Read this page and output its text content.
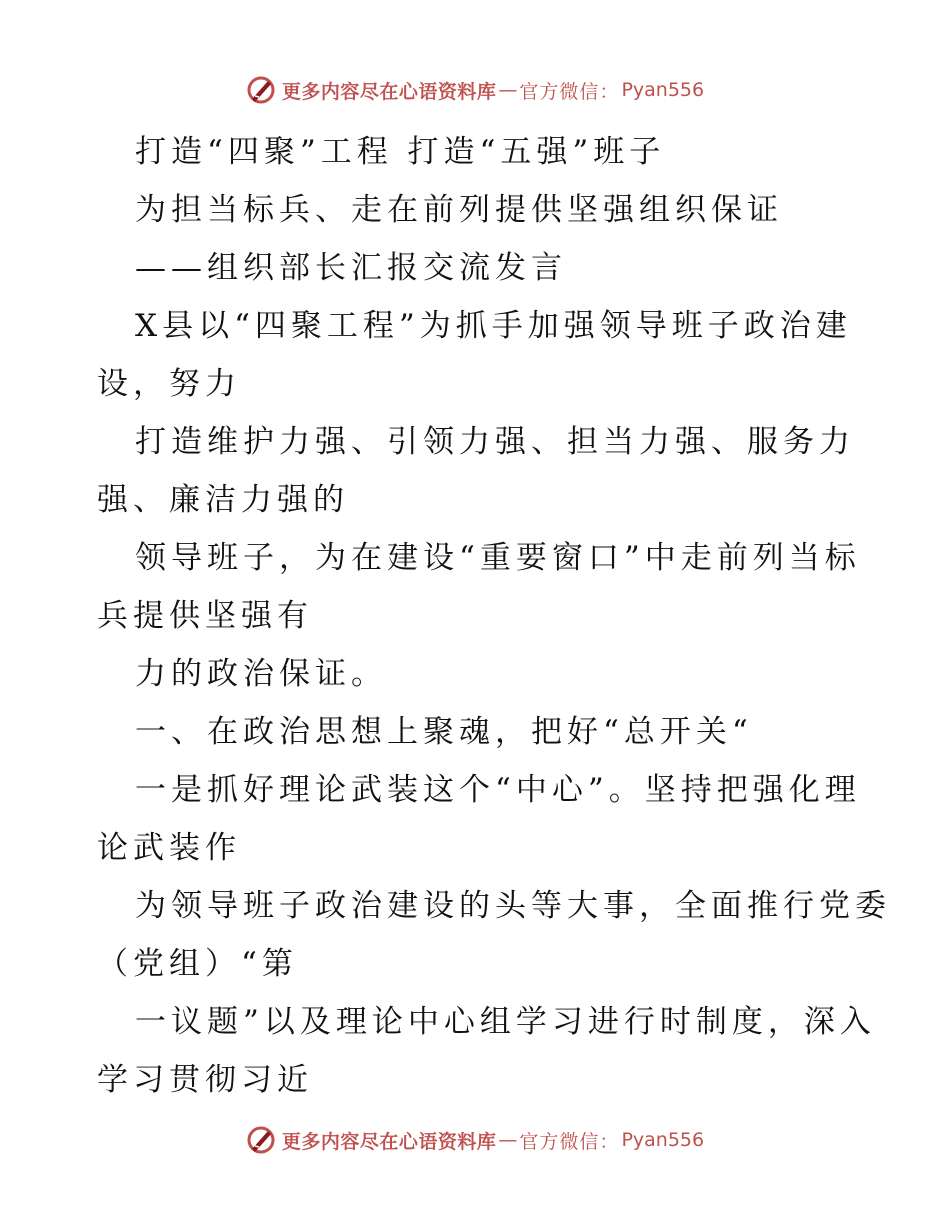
更多内容尽在心语资料库 — 官方微信： Pyan556
打造“四聚”工程 打造“五强”班子
为担当标兵、走在前列提供坚强组织保证
——组织部长汇报交流发言
X县以“四聚工程”为抓手加强领导班子政治建
设，努力
打造维护力强、引领力强、担当力强、服务力
强、廉洁力强的
领导班子，为在建设“重要窗口”中走前列当标
兵提供坚强有
力的政治保证。
一、在政治思想上聚魂，把好“总开关“
一是抓好理论武装这个“中心”。坚持把强化理
论武装作
为领导班子政治建设的头等大事，全面推行党委
（党组）“第
一议题”以及理论中心组学习进行时制度，深入
学习贯彻习近
更多内容尽在心语资料库 — 官方微信： Pyan556
